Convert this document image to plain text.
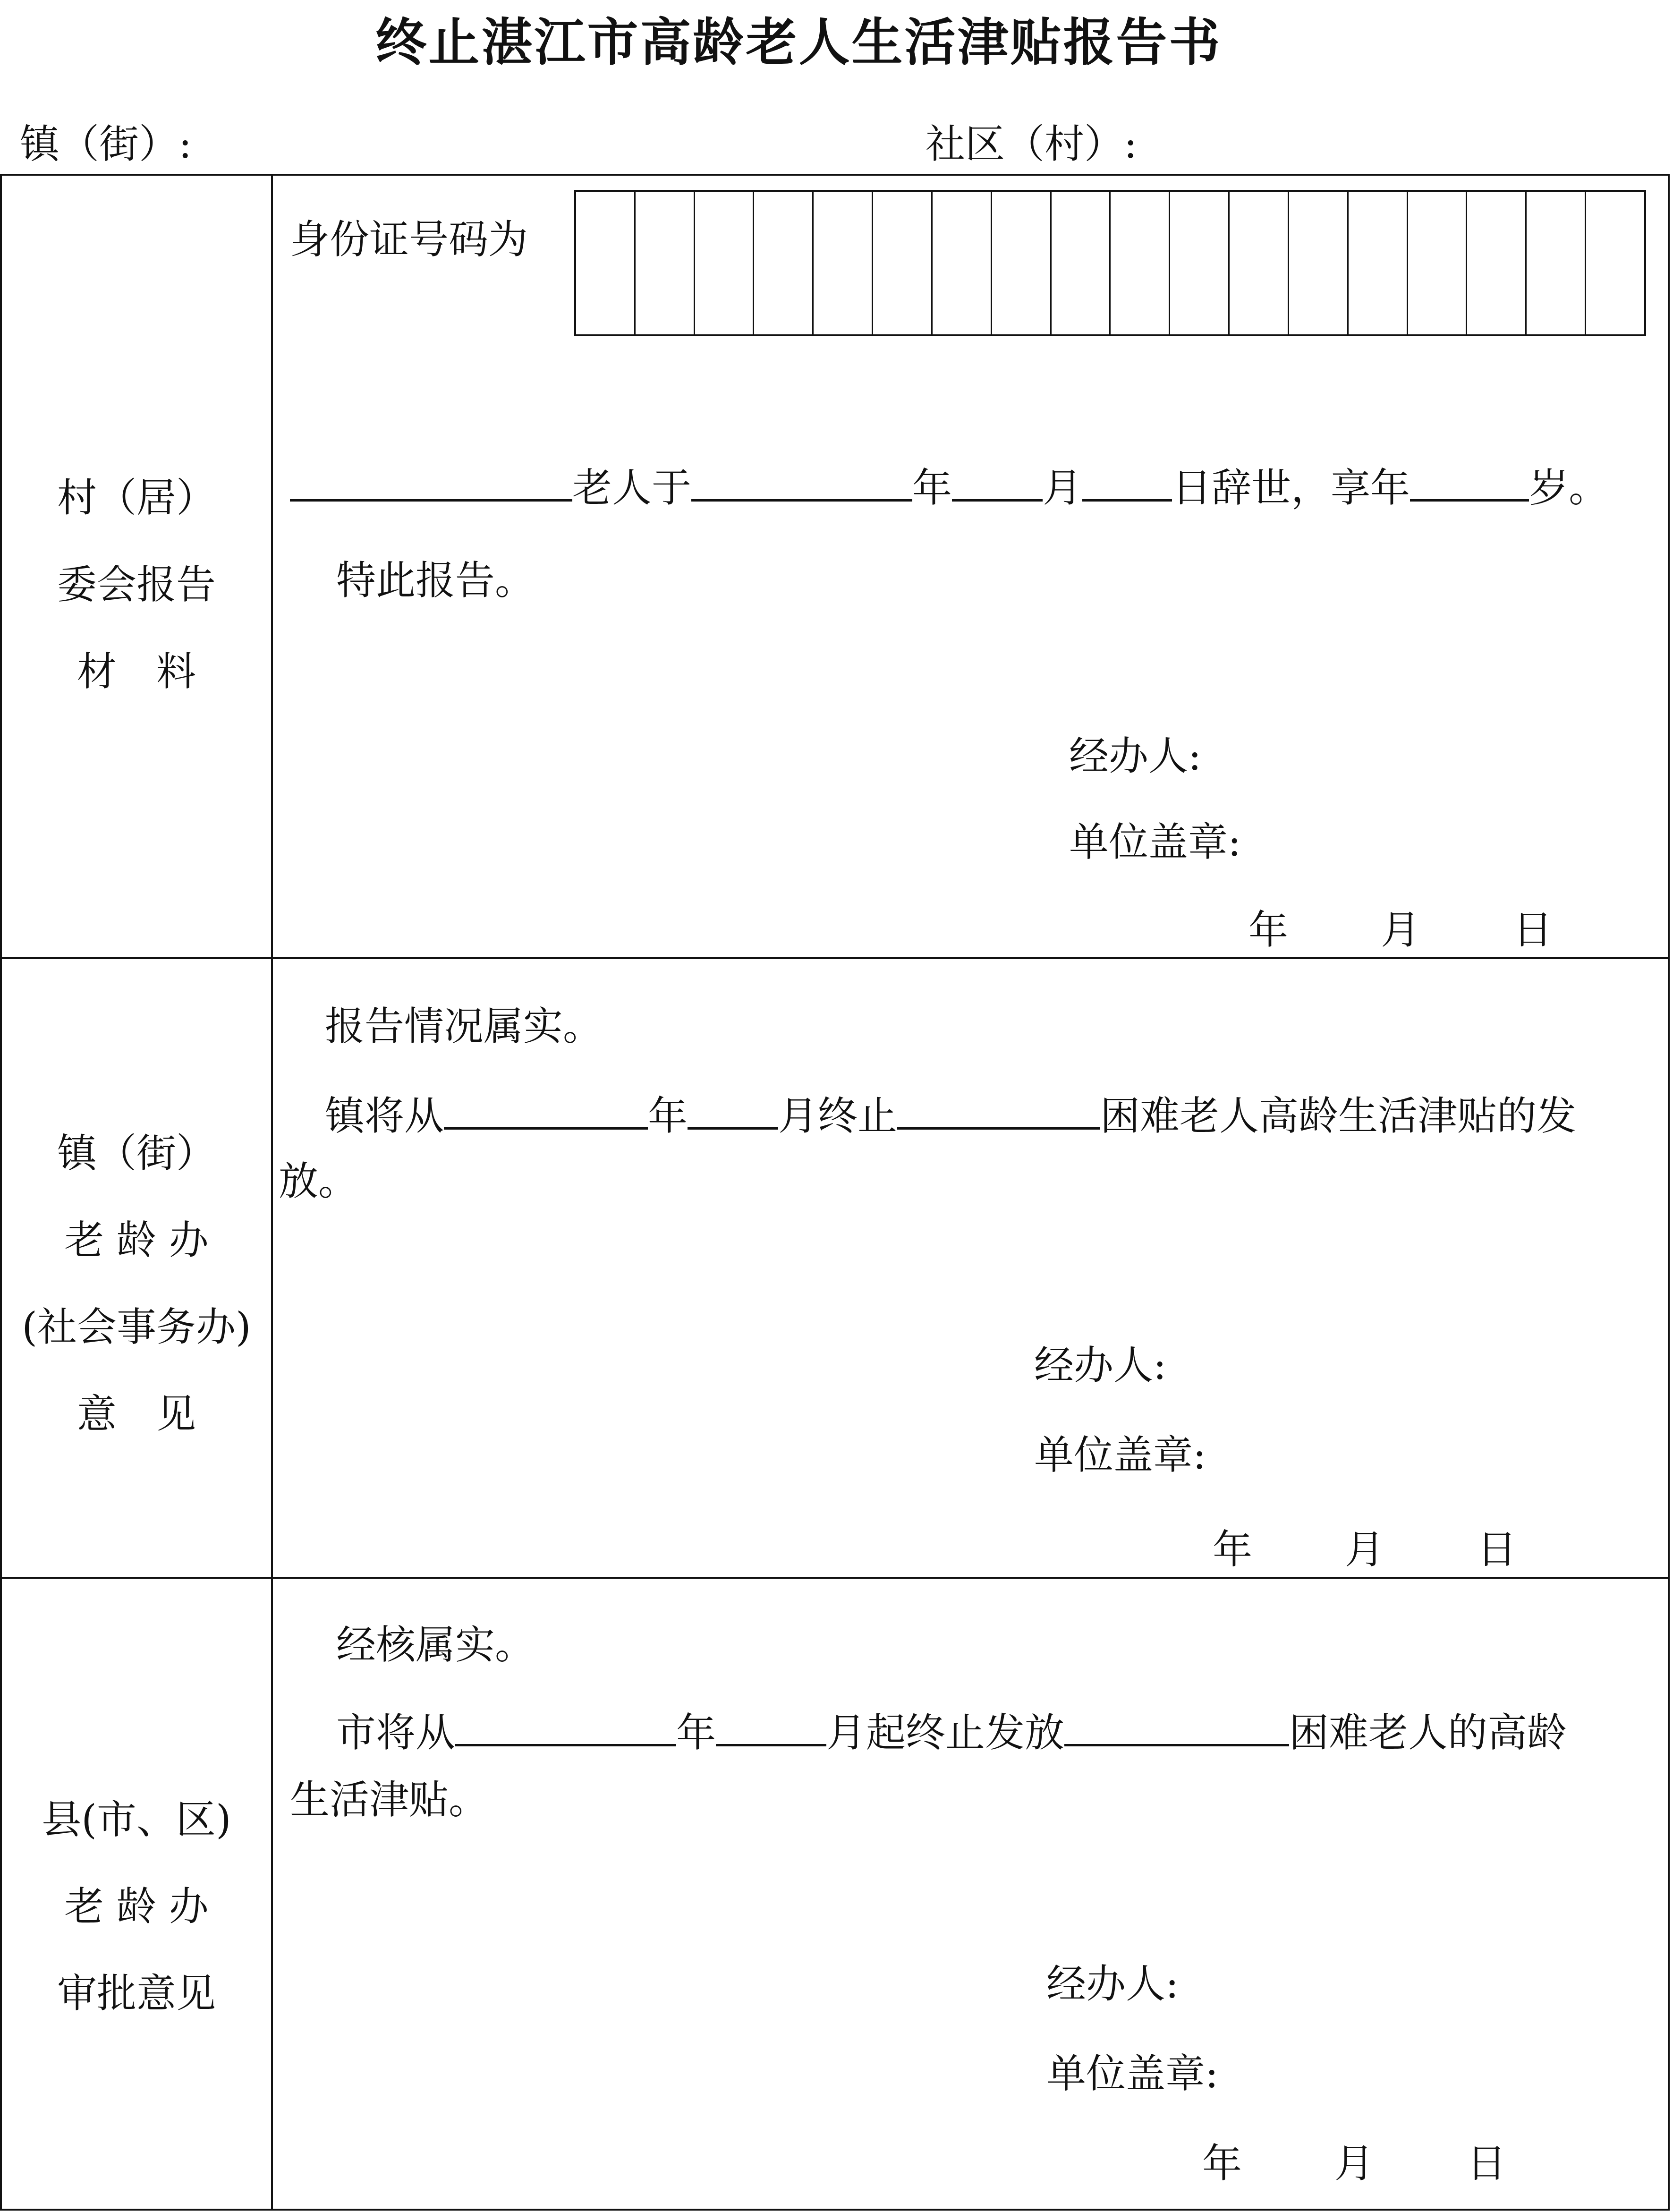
终止湛江市高龄老人生活津贴报告书
镇（街）:	社区（村）:
村（居）
委会报告
材　料
身份证号码为
老人于	年 月 日辞世，享年	岁。
特此报告。
经办人:
单位盖章:
年 月 日
镇（街）
老 龄 办
(社会事务办)
意　见
报告情况属实。
镇将从	年 月终止	困难老人高龄生活津贴的发
放。
经办人:
单位盖章:
年 月 日
县(市、区)
老 龄 办
审批意见
经核属实。
市将从	年	月起终止发放	困难老人的高龄
生活津贴。
经办人:
单位盖章:
年 月 日
